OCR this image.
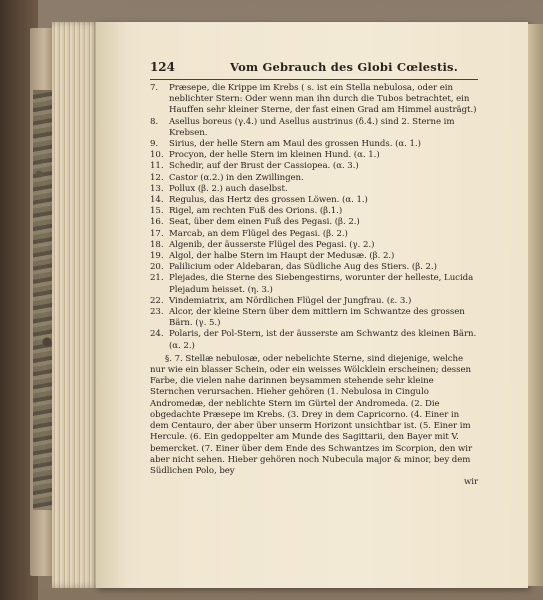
124	Vom Gebrauch des Globi Cœlestis.
7.	Præsepe, die Krippe im Krebs ( s. ist ein Stella nebulosa, oder ein neblichter Stern: Oder wenn man ihn durch die Tubos betrachtet, ein Hauffen sehr kleiner Sterne, der fast einen Grad am Himmel austrägt.)
8.	Asellus boreus (γ.4.) und Asellus austrinus (δ.4.) sind 2. Sterne im Krebsen.
9.	Sirius, der helle Stern am Maul des grossen Hunds. (α. 1.)
10. Procyon, der helle Stern im kleinen Hund. (α. 1.)
11. Schedir, auf der Brust der Cassiopea. (α. 3.)
12. Castor (α.2.) in den Zwillingen.
13. Pollux (β. 2.) auch daselbst.
14. Regulus, das Hertz des grossen Löwen. (α. 1.)
15. Rigel, am rechten Fuß des Orions. (β.1.)
16. Seat, über dem einen Fuß des Pegasi. (β. 2.)
17. Marcab, an dem Flügel des Pegasi. (β. 2.)
18. Algenib, der äusserste Flügel des Pegasi. (γ. 2.)
19. Algol, der halbe Stern im Haupt der Medusæ. (β. 2.)
20. Palilicium oder Aldebaran, das Südliche Aug des Stiers. (β. 2.)
21. Plejades, die Sterne des Siebengestirns, worunter der helleste, Lucida Plejadum heisset. (η. 3.)
22. Vindemiatrix, am Nördlichen Flügel der Jungfrau. (ε. 3.)
23. Alcor, der kleine Stern über dem mittlern im Schwantze des grossen Bärn. (γ. 5.)
24. Polaris, der Pol-Stern, ist der äusserste am Schwantz des kleinen Bärn. (α. 2.)
§. 7. Stellæ nebulosæ, oder nebelichte Sterne, sind diejenige, welche nur wie ein blasser Schein, oder ein weisses Wölcklein erscheinen; dessen Farbe, die vielen nahe darinnen beysammen stehende sehr kleine Sternchen verursachen. Hieher gehören (1. Nebulosa in Cingulo Andromedæ, der neblichte Stern im Gürtel der Andromeda. (2. Die obgedachte Præsepe im Krebs. (3. Drey in dem Capricorno. (4. Einer in dem Centauro, der aber über unserm Horizont unsichtbar ist. (5. Einer im Hercule. (6. Ein gedoppelter am Munde des Sagittarii, den Bayer mit V. bemercket. (7. Einer über dem Ende des Schwantzes im Scorpion, den wir aber nicht sehen. Hieber gehören noch Nubecula major & minor, bey dem Südlichen Polo, bey
wir
